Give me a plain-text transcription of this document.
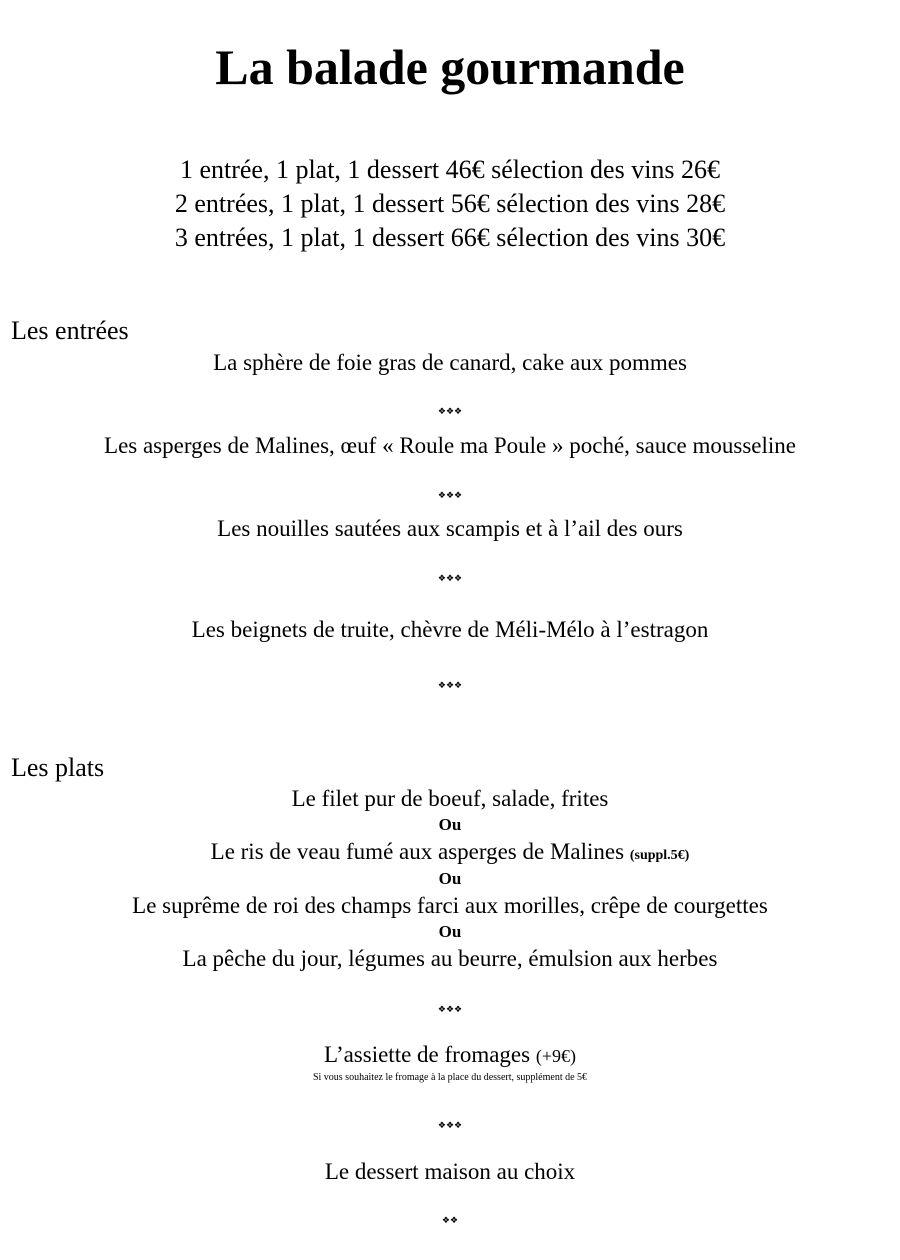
La balade gourmande
1 entrée, 1 plat, 1 dessert 46€ sélection des vins 26€
2 entrées, 1 plat, 1 dessert 56€ sélection des vins 28€
3 entrées, 1 plat, 1 dessert 66€ sélection des vins 30€
Les entrées
La sphère de foie gras de canard, cake aux pommes
❖❖❖
Les asperges de Malines, œuf « Roule ma Poule » poché, sauce mousseline
❖❖❖
Les nouilles sautées aux scampis et à l’ail des ours
❖❖❖
Les beignets de truite, chèvre de Méli-Mélo à l’estragon
❖❖❖
Les plats
Le filet pur de boeuf, salade, frites
Ou
Le ris de veau fumé aux asperges de Malines (suppl.5€)
Ou
Le suprême de roi des champs farci aux morilles, crêpe de courgettes
Ou
La pêche du jour, légumes au beurre, émulsion aux herbes
❖❖❖
L’assiette de fromages (+9€)
Si vous souhaitez le fromage à la place du dessert, supplément de 5€
❖❖❖
Le dessert maison au choix
❖❖
